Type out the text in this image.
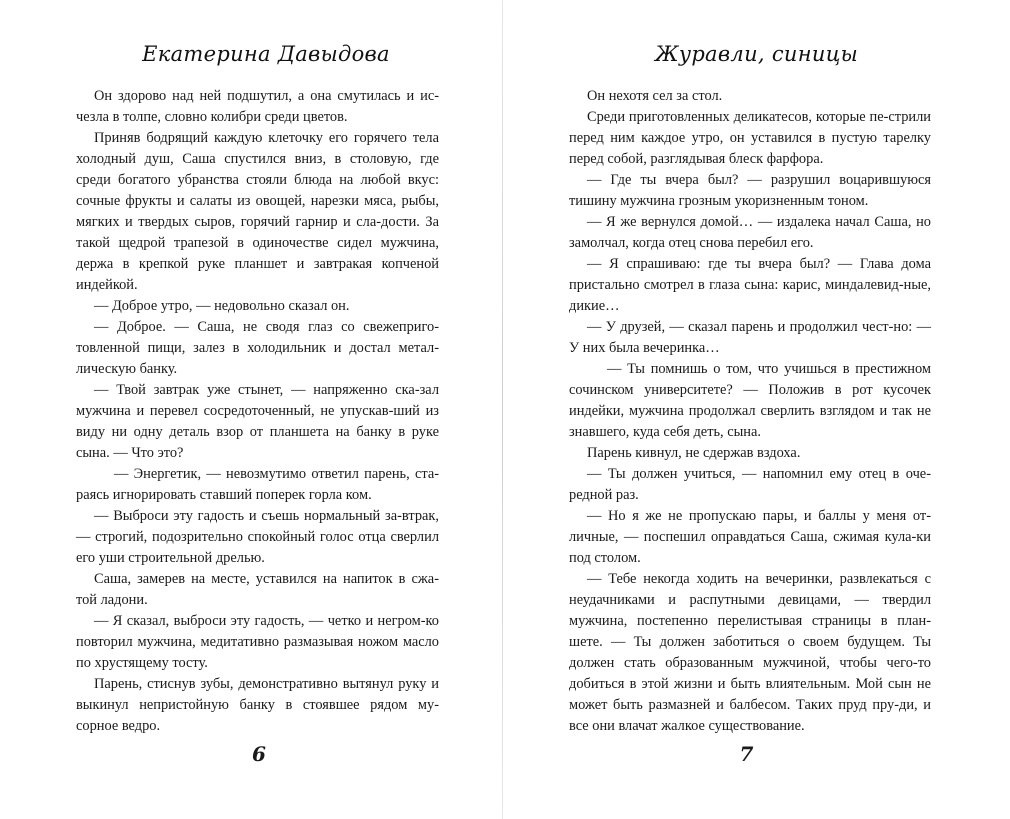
Екатерина Давыдова

Он здорово над ней подшутил, а она смутилась и ис-чезла в толпе, словно колибри среди цветов.

Приняв бодрящий каждую клеточку его горячего тела холодный душ, Саша спустился вниз, в столовую, где среди богатого убранства стояли блюда на любой вкус: сочные фрукты и салаты из овощей, нарезки мяса, рыбы, мягких и твердых сыров, горячий гарнир и сла-дости. За такой щедрой трапезой в одиночестве сидел мужчина, держа в крепкой руке планшет и завтракая копченой индейкой.

— Доброе утро, — недовольно сказал он.

— Доброе. — Саша, не сводя глаз со свежеприго-товленной пищи, залез в холодильник и достал метал-лическую банку.

— Твой завтрак уже стынет, — напряженно ска-зал мужчина и перевел сосредоточенный, не упускав-ший из виду ни одну деталь взор от планшета на банку в руке сына. — Что это?

— Энергетик, — невозмутимо ответил парень, ста-раясь игнорировать ставший поперек горла ком.

— Выброси эту гадость и съешь нормальный за-втрак, — строгий, подозрительно спокойный голос отца сверлил его уши строительной дрелью.

Саша, замерев на месте, уставился на напиток в сжа-той ладони.

— Я сказал, выброси эту гадость, — четко и негром-ко повторил мужчина, медитативно размазывая ножом масло по хрустящему тосту.

Парень, стиснув зубы, демонстративно вытянул руку и выкинул непристойную банку в стоявшее рядом му-сорное ведро.

6
Журавли, синицы

Он нехотя сел за стол.

Среди приготовленных деликатесов, которые пе-стрили перед ним каждое утро, он уставился в пустую тарелку перед собой, разглядывая блеск фарфора.

— Где ты вчера был? — разрушил воцарившуюся тишину мужчина грозным укоризненным тоном.

— Я же вернулся домой… — издалека начал Саша, но замолчал, когда отец снова перебил его.

— Я спрашиваю: где ты вчера был? — Глава дома пристально смотрел в глаза сына: карис, миндалевид-ные, дикие…

— У друзей, — сказал парень и продолжил чест-но: — У них была вечеринка…

— Ты помнишь о том, что учишься в престижном сочинском университете? — Положив в рот кусочек индейки, мужчина продолжал сверлить взглядом и так не знавшего, куда себя деть, сына.

Парень кивнул, не сдержав вздоха.

— Ты должен учиться, — напомнил ему отец в оче-редной раз.

— Но я же не пропускаю пары, и баллы у меня от-личные, — поспешил оправдаться Саша, сжимая кула-ки под столом.

— Тебе некогда ходить на вечеринки, развлекаться с неудачниками и распутными девицами, — твердил мужчина, постепенно перелистывая страницы в план-шете. — Ты должен заботиться о своем будущем. Ты должен стать образованным мужчиной, чтобы чего-то добиться в этой жизни и быть влиятельным. Мой сын не может быть размазней и балбесом. Таких пруд пру-ди, и все они влачат жалкое существование.

7
